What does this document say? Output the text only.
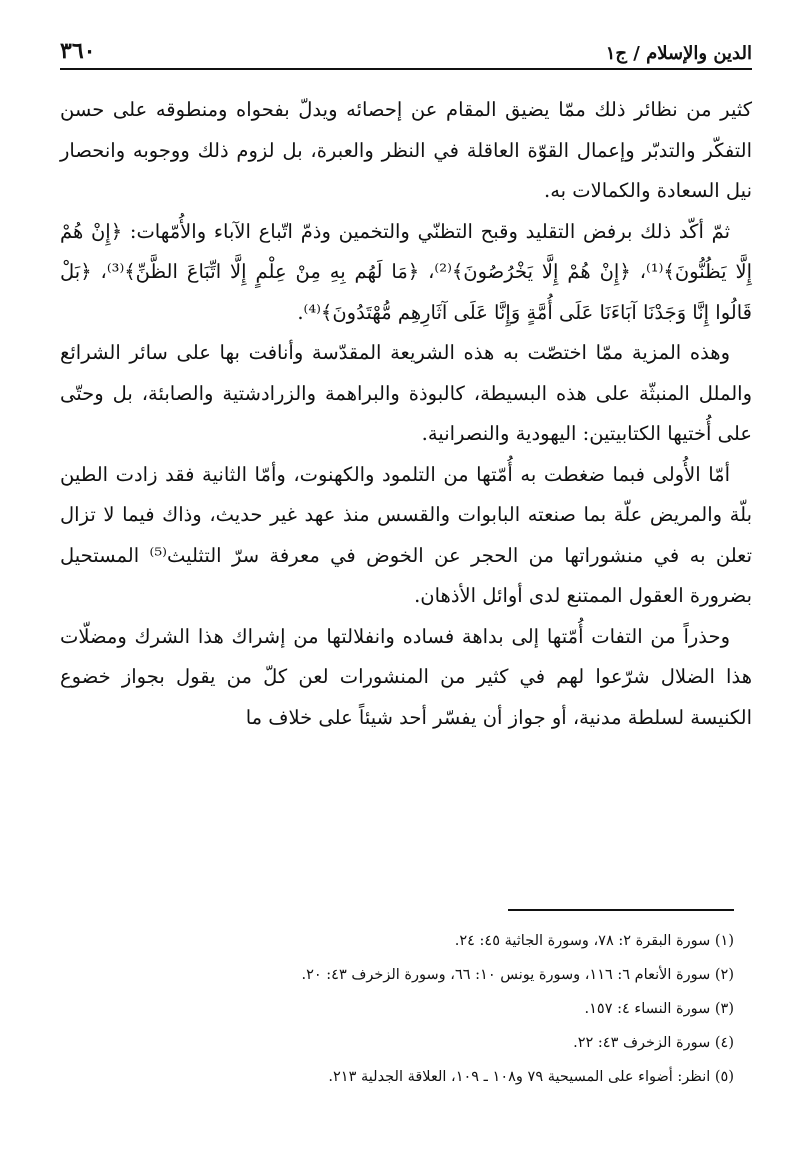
الدين والإسلام / ج١
٣٦٠

كثير من نظائر ذلك ممّا يضيق المقام عن إحصائه ويدلّ بفحواه ومنطوقه على حسن التفكّر والتدبّر وإعمال القوّة العاقلة في النظر والعبرة، بل لزوم ذلك ووجوبه وانحصار نيل السعادة والكمالات به.

ثمّ أكّد ذلك برفض التقليد وقبح التظنّي والتخمين وذمّ اتّباع الآباء والأُمّهات: ﴿إِنْ هُمْ إِلَّا يَظُنُّونَ﴾⁽¹⁾، ﴿إِنْ هُمْ إِلَّا يَخْرُصُونَ﴾⁽²⁾، ﴿مَا لَهُم بِهِ مِنْ عِلْمٍ إِلَّا اتِّبَاعَ الظَّنِّ﴾⁽³⁾، ﴿بَلْ قَالُوا إِنَّا وَجَدْنَا آبَاءَنَا عَلَى أُمَّةٍ وَإِنَّا عَلَى آثَارِهِم مُّهْتَدُونَ﴾⁽⁴⁾.

وهذه المزية ممّا اختصّت به هذه الشريعة المقدّسة وأنافت بها على سائر الشرائع والملل المنبثّة على هذه البسيطة، كالبوذة والبراهمة والزرادشتية والصابئة، بل وحتّى على أُختيها الكتابيتين: اليهودية والنصرانية.

أمّا الأُولى فبما ضغطت به أُمّتها من التلمود والكهنوت، وأمّا الثانية فقد زادت الطين بلّة والمريض علّة بما صنعته البابوات والقسس منذ عهد غير حديث، وذاك فيما لا تزال تعلن به في منشوراتها من الحجر عن الخوض في معرفة سرّ التثليث⁽⁵⁾ المستحيل بضرورة العقول الممتنع لدى أوائل الأذهان.

وحذراً من التفات أُمّتها إلى بداهة فساده وانفلالتها من إشراك هذا الشرك ومضلّات هذا الضلال شرّعوا لهم في كثير من المنشورات لعن كلّ من يقول بجواز خضوع الكنيسة لسلطة مدنية، أو جواز أن يفسّر أحد شيئاً على خلاف ما

(١) سورة البقرة ٢: ٧٨، وسورة الجاثية ٤٥: ٢٤.
(٢) سورة الأنعام ٦: ١١٦، وسورة يونس ١٠: ٦٦، وسورة الزخرف ٤٣: ٢٠.
(٣) سورة النساء ٤: ١٥٧.
(٤) سورة الزخرف ٤٣: ٢٢.
(٥) انظر: أضواء على المسيحية ٧٩ و١٠٨ ـ ١٠٩، العلاقة الجدلية ٢١٣.
